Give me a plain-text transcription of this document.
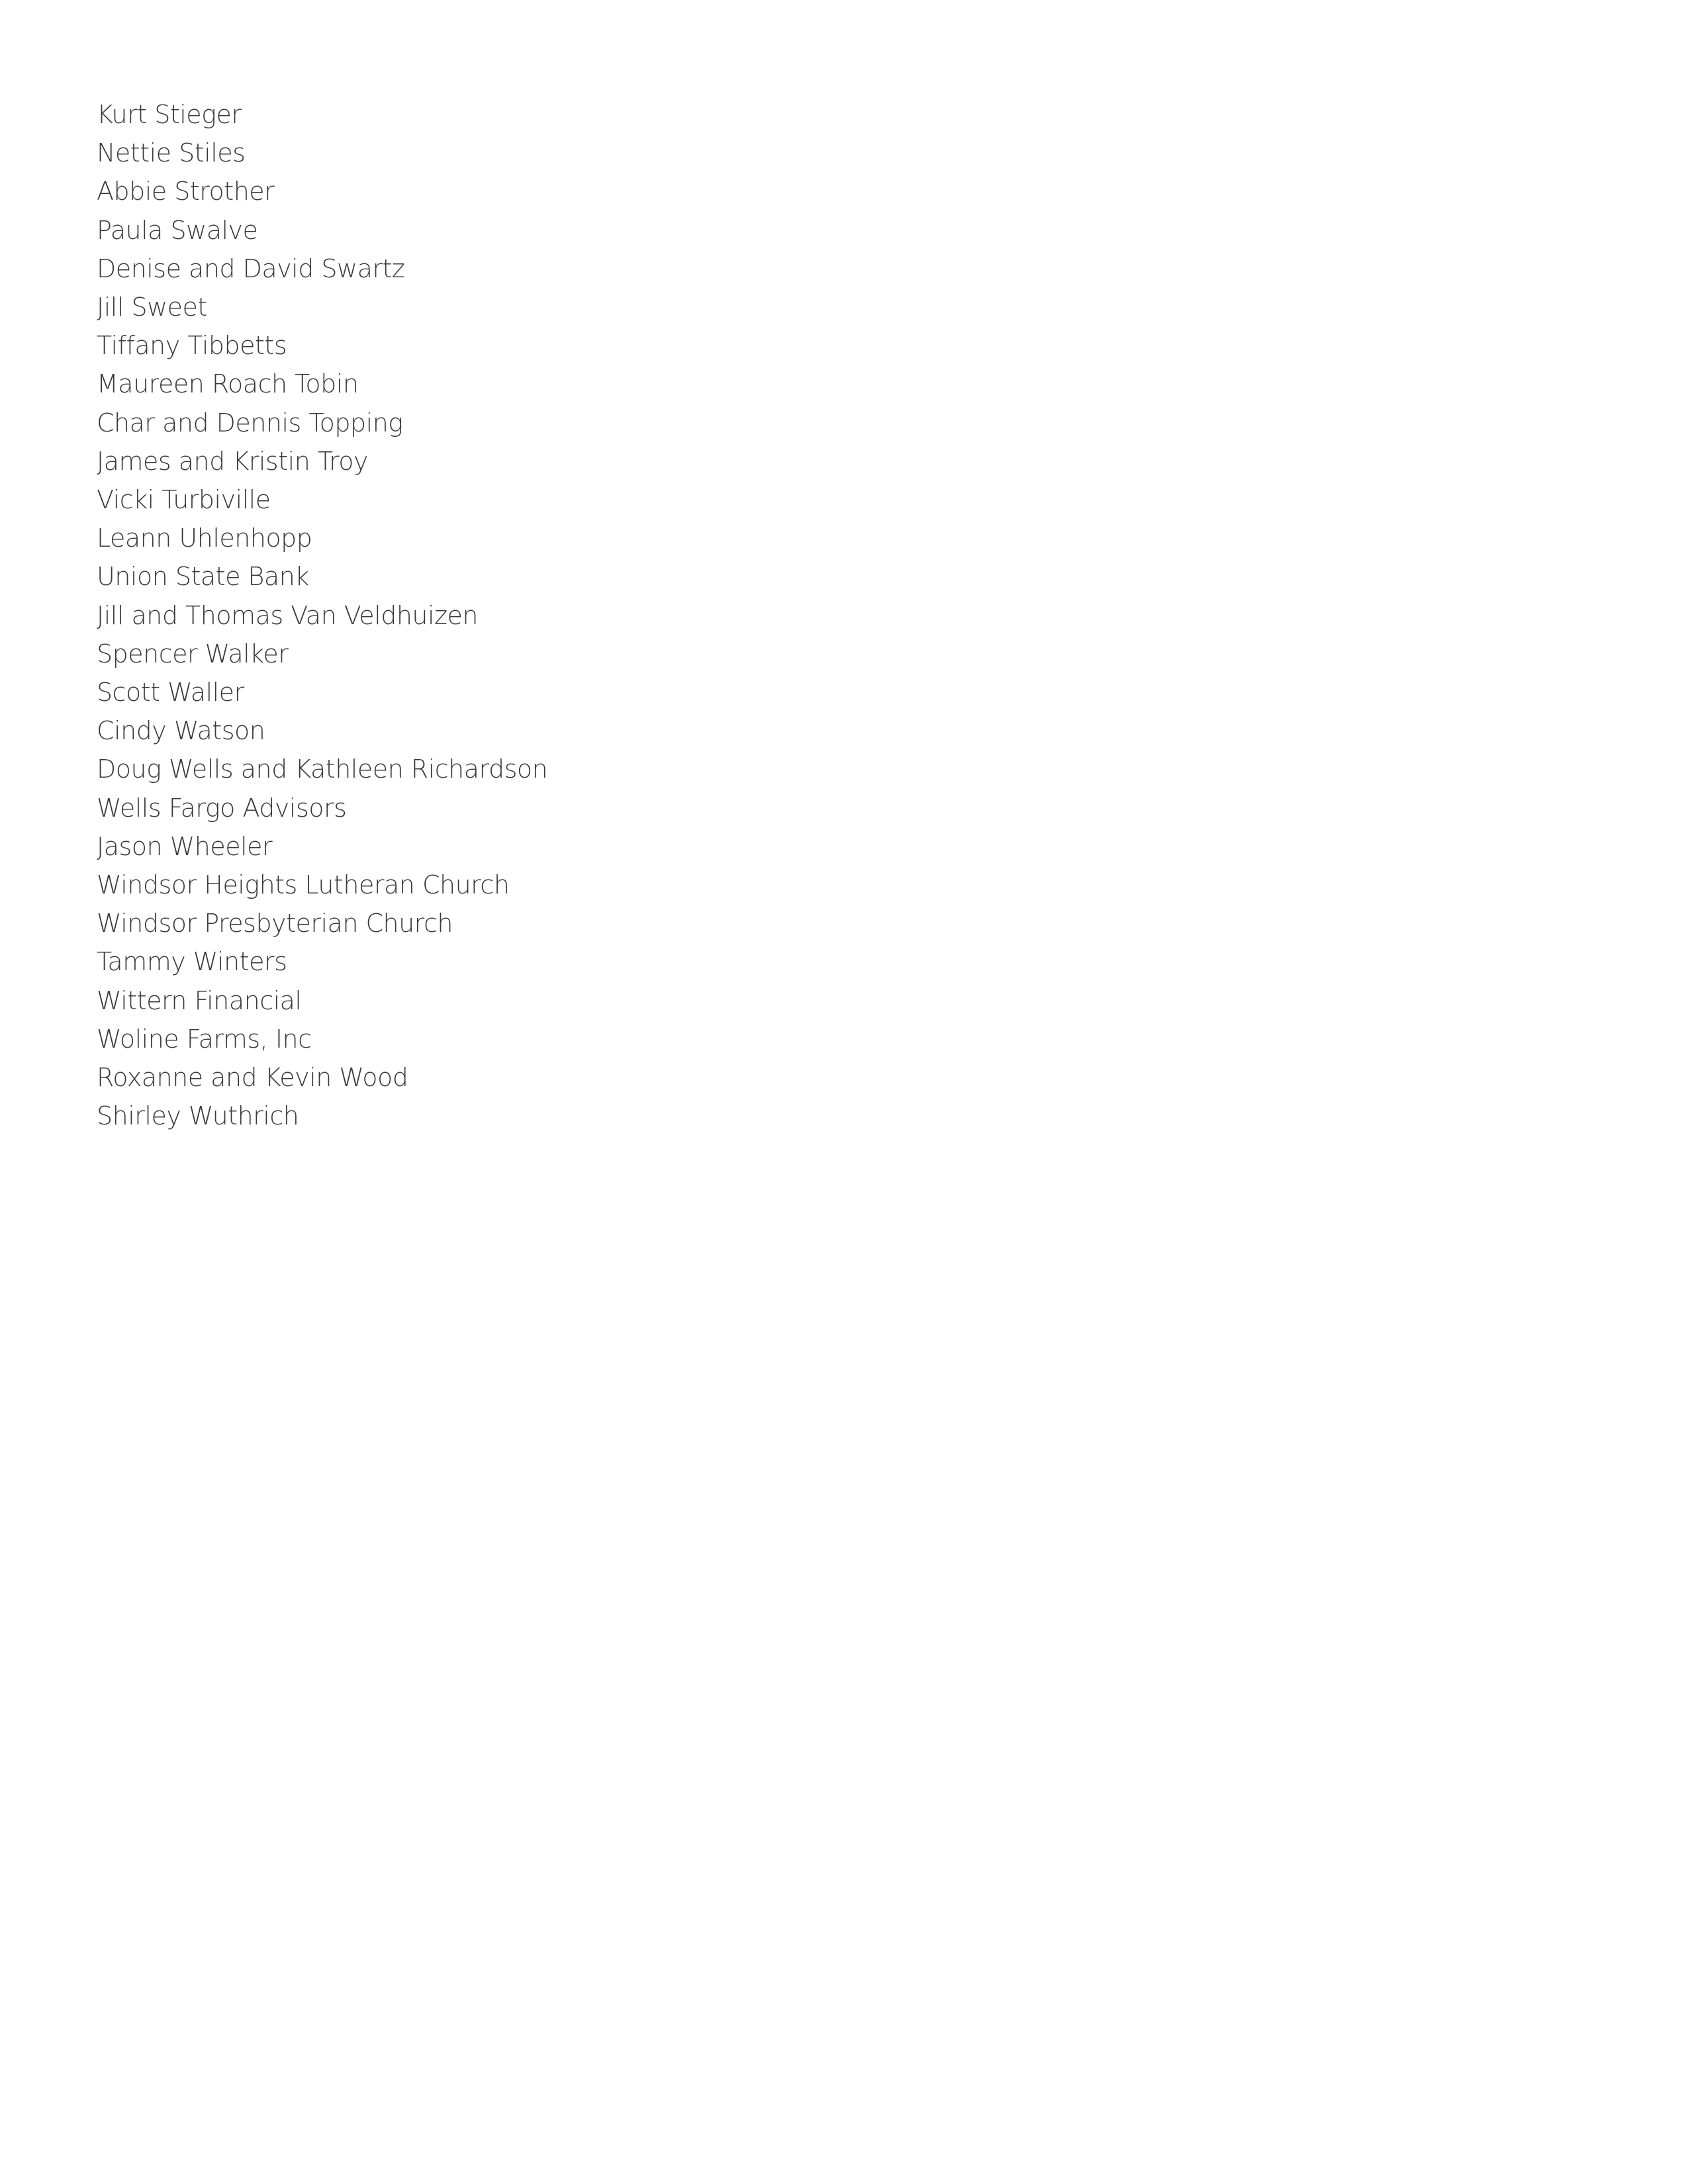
Kurt Stieger
Nettie Stiles
Abbie Strother
Paula Swalve
Denise and David Swartz
Jill Sweet
Tiffany Tibbetts
Maureen Roach Tobin
Char and Dennis Topping
James and Kristin Troy
Vicki Turbiville
Leann Uhlenhopp
Union State Bank
Jill and Thomas Van Veldhuizen
Spencer Walker
Scott Waller
Cindy Watson
Doug Wells and Kathleen Richardson
Wells Fargo Advisors
Jason Wheeler
Windsor Heights Lutheran Church
Windsor Presbyterian Church
Tammy Winters
Wittern Financial
Woline Farms, Inc
Roxanne and Kevin Wood
Shirley Wuthrich
